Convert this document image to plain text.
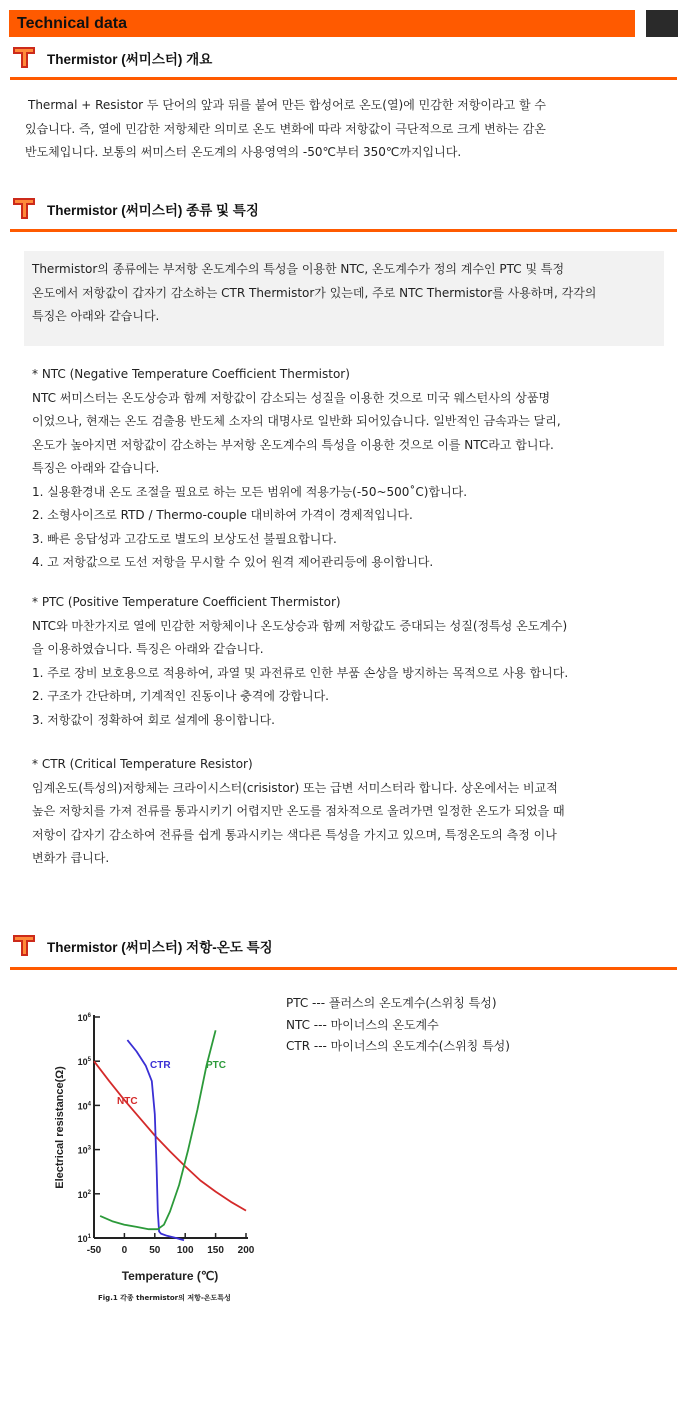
Technical data
Thermistor (써미스터) 개요

Thermal + Resistor 두 단어의 앞과 뒤를 붙여 만든 합성어로 온도(열)에 민감한 저항이라고 할 수

있습니다. 즉, 열에 민감한 저항체란 의미로 온도 변화에 따라 저항값이 극단적으로 크게 변하는 감온

반도체입니다. 보통의 써미스터 온도계의 사용영역의 -50℃부터 350℃까지입니다.

Thermistor (써미스터) 종류 및 특징

Thermistor의 종류에는 부저항 온도계수의 특성을 이용한 NTC, 온도계수가 정의 계수인 PTC 및 특정

온도에서 저항값이 갑자기 감소하는 CTR Thermistor가 있는데, 주로 NTC Thermistor를 사용하며, 각각의

특징은 아래와 같습니다.

* NTC (Negative Temperature Coefficient Thermistor)

NTC 써미스터는 온도상승과 함께 저항값이 감소되는 성질을 이용한 것으로 미국 웨스턴사의 상품명

이었으나, 현재는 온도 검출용 반도체 소자의 대명사로 일반화 되어있습니다. 일반적인 금속과는 달리,

온도가 높아지면 저항값이 감소하는 부저항 온도계수의 특성을 이용한 것으로 이를 NTC라고 합니다.

특징은 아래와 같습니다.

1. 실용환경내 온도 조절을 필요로 하는 모든 범위에 적용가능(-50~500˚C)합니다.

2. 소형사이즈로 RTD / Thermo-couple 대비하여 가격이 경제적입니다.

3. 빠른 응답성과 고감도로 별도의 보상도선 불필요합니다.

4. 고 저항값으로 도선 저항을 무시할 수 있어 원격 제어관리등에 용이합니다.

* PTC (Positive Temperature Coefficient Thermistor)

NTC와 마찬가지로 열에 민감한 저항체이나 온도상승과 함께 저항값도 증대되는 성질(정특성 온도계수)

을 이용하였습니다. 특징은 아래와 같습니다.

1. 주로 장비 보호용으로 적용하여, 과열 및 과전류로 인한 부품 손상을 방지하는 목적으로 사용 합니다.

2. 구조가 간단하며, 기계적인 진동이나 충격에 강합니다.

3. 저항값이 정확하여 회로 설계에 용이합니다.

* CTR (Critical Temperature Resistor)

임계온도(특성의)저항체는 크라이시스터(crisistor) 또는 급변 서미스터라 합니다. 상온에서는 비교적

높은 저항치를 가져 전류를 통과시키기 어렵지만 온도를 점차적으로 올려가면 일정한 온도가 되었을 때

저항이 갑자기 감소하여 전류를 쉽게 통과시키는 색다른 특성을 가지고 있으며, 특정온도의 측정 이나

변화가 큽니다.

Thermistor (써미스터) 저항-온도 특징
$10^6$
$10^5$
$10^4$
$10^3$
$10^2$
$10^1$
-50 0 50 100 150 200
Temperature (℃)
Electrical resistance(Ω)
Fig.1 각종 thermistor의 저항-온도특성
CTR	PTC
NTC
PTC --- 플러스의 온도계수(스위칭 특성)
NTC --- 마이너스의 온도계수
CTR --- 마이너스의 온도계수(스위칭 특성)
